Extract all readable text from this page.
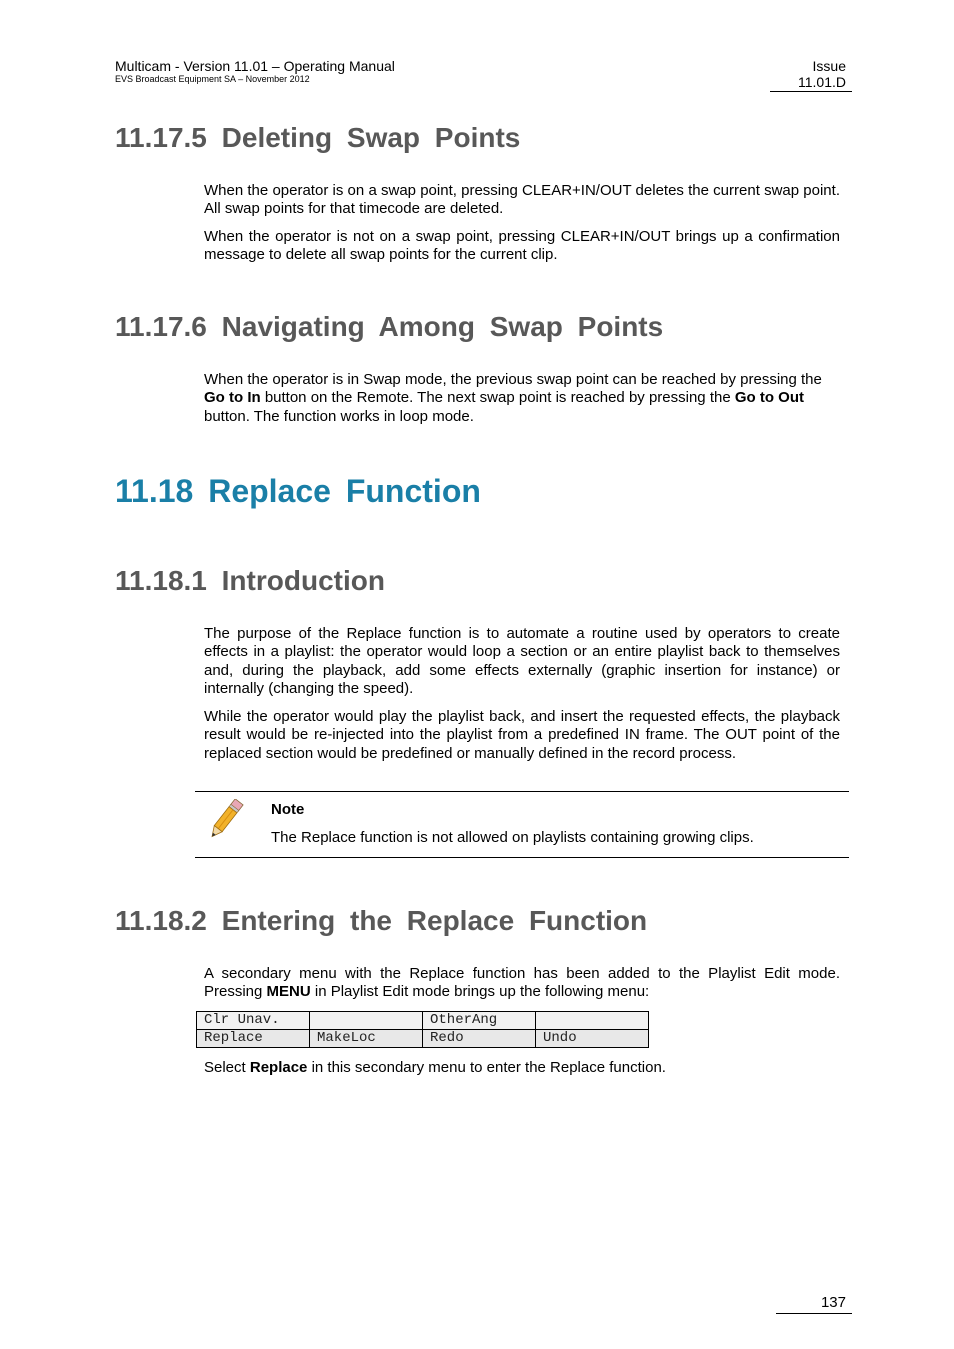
Multicam - Version 11.01 – Operating Manual
EVS Broadcast Equipment SA – November 2012
Issue
11.01.D
11.17.5 Deleting Swap Points
When the operator is on a swap point, pressing CLEAR+IN/OUT deletes the current swap point. All swap points for that timecode are deleted.
When the operator is not on a swap point, pressing CLEAR+IN/OUT brings up a confirmation message to delete all swap points for the current clip.
11.17.6 Navigating Among Swap Points
When the operator is in Swap mode, the previous swap point can be reached by pressing the Go to In button on the Remote. The next swap point is reached by pressing the Go to Out button. The function works in loop mode.
11.18 Replace Function
11.18.1 Introduction
The purpose of the Replace function is to automate a routine used by operators to create effects in a playlist: the operator would loop a section or an entire playlist back to themselves and, during the playback, add some effects externally (graphic insertion for instance) or internally (changing the speed).
While the operator would play the playlist back, and insert the requested effects, the playback result would be re-injected into the playlist from a predefined IN frame. The OUT point of the replaced section would be predefined or manually defined in the record process.
Note
The Replace function is not allowed on playlists containing growing clips.
11.18.2 Entering the Replace Function
A secondary menu with the Replace function has been added to the Playlist Edit mode. Pressing MENU in Playlist Edit mode brings up the following menu:
Clr Unav.		OtherAng	
Replace	MakeLoc	Redo	Undo
Select Replace in this secondary menu to enter the Replace function.
137
